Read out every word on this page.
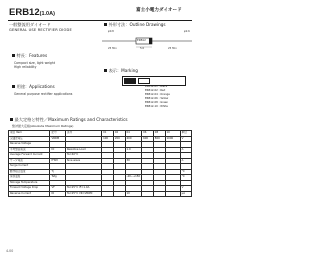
ERB12(1.0A)
富士小電力ダイオード
一般整流用ダイオード
GENERAL USE RECTIFIER DIODE
外形寸法：Outline Drawings
φ0.8	φ2.6
25 Min	5.0	25 Min
ERB12
特長：Features
Compact size, light weight
High reliability
表示：Marking
用途：Applications
General purpose rectifier applications
ERB12-01 : Black
ERB12-02 : Red
ERB12-04 : Orange
ERB12-06 : Yellow
ERB12-08 : Green
ERB12-10 : White
最大定格と特性／Maximum Ratings and Characteristics
絶対最大定格(Absolute Maximum Ratings)
項目 Item	記号	条件	01	02	04	06	08	10	単位
尖頭逆電圧	VRRM		100	200	400	600	800	1000	V
Reverse Voltage									
平均整流電流	IO	Resistive Load			1.0				A
Average Forward Current		Ta=40°C							
サージ電流	IFSM	Sine wave			30				A
Surge Current									
動作接合温度	Tj								°C
保存温度	Tstg				-40~+150				°C
Storage Temperature									
Forward Voltage Drop	VF	Ta=25°C IF=1.0A							V
Reverse Current	IR	Ta=25°C VR=VRRM			10				μA
4-00
